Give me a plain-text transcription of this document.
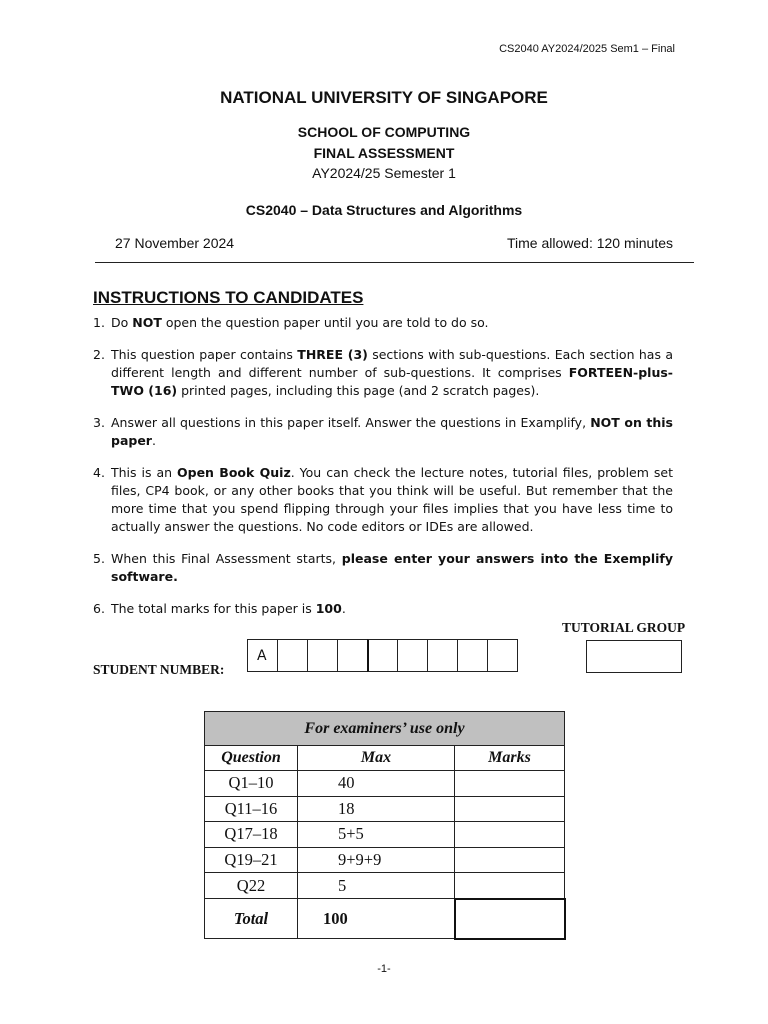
CS2040 AY2024/2025 Sem1 – Final
NATIONAL UNIVERSITY OF SINGAPORE
SCHOOL OF COMPUTING
FINAL ASSESSMENT
AY2024/25 Semester 1
CS2040 – Data Structures and Algorithms
27 November 2024	Time allowed: 120 minutes
INSTRUCTIONS TO CANDIDATES
1. Do NOT open the question paper until you are told to do so.
2. This question paper contains THREE (3) sections with sub-questions. Each section has a different length and different number of sub-questions. It comprises FORTEEN-plus-TWO (16) printed pages, including this page (and 2 scratch pages).
3. Answer all questions in this paper itself. Answer the questions in Examplify, NOT on this paper.
4. This is an Open Book Quiz. You can check the lecture notes, tutorial files, problem set files, CP4 book, or any other books that you think will be useful. But remember that the more time that you spend flipping through your files implies that you have less time to actually answer the questions. No code editors or IDEs are allowed.
5. When this Final Assessment starts, please enter your answers into the Exemplify software.
6. The total marks for this paper is 100.
TUTORIAL GROUP
STUDENT NUMBER:
A
For examiners’ use only		
Question	Max	Marks
Q1–10	40	
Q11–16	18	
Q17–18	5+5	
Q19–21	9+9+9	
Q22	5	
Total	100	
-1-
